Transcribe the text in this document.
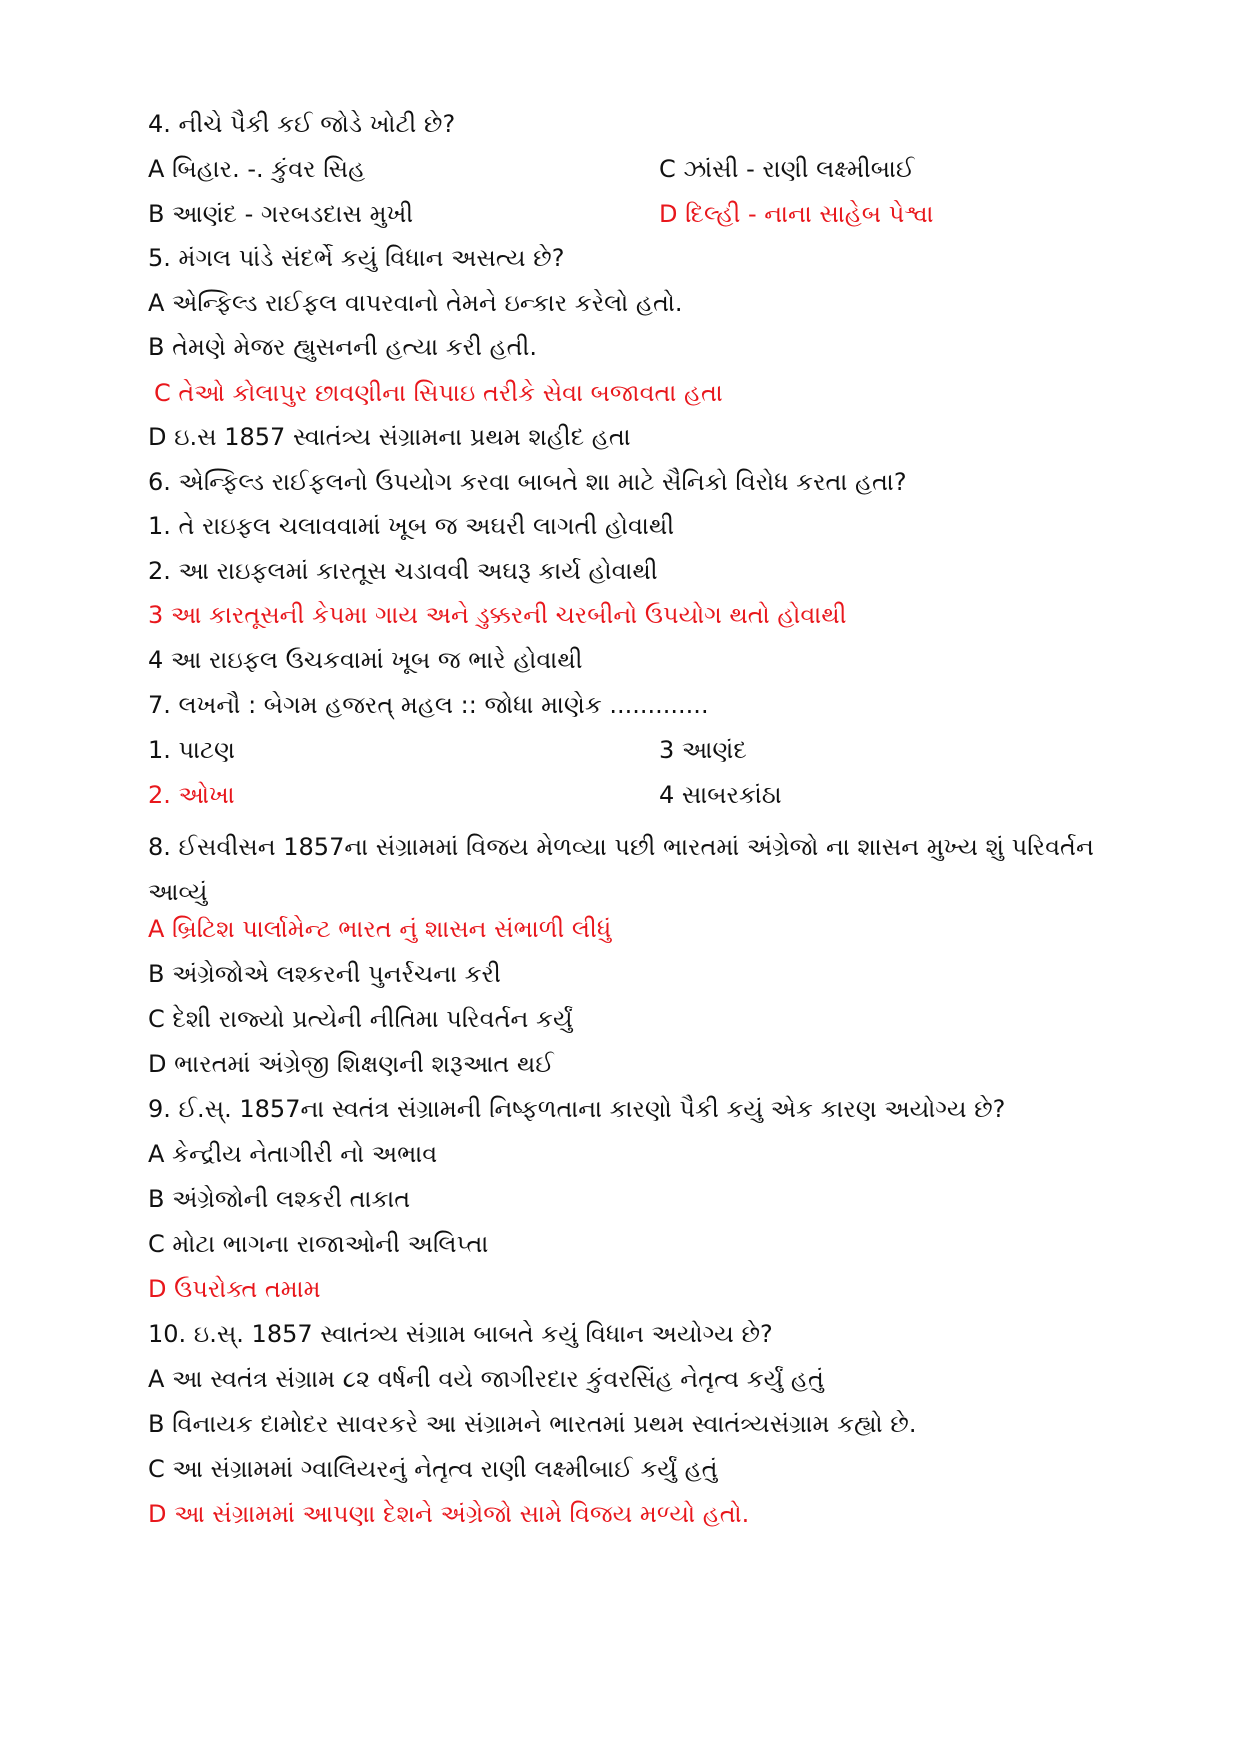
4. નીચે પૈકી કઈ જોડે ખોટી છે?
A બિહાર. -. કુંવર સિહ	C ઝાંસી - રાણી લક્ષ્મીબાઈ
B આણંદ - ગરબડદાસ મુખી	D દિલ્હી - નાના સાહેબ પેશ્વા
5. મંગલ પાંડે સંદર્ભે કયું વિધાન અસત્ય છે?
A એન્ફિલ્ડ રાઈફલ વાપરવાનો તેમને ઇન્કાર કરેલો હતો.
B તેમણે મેજર હ્યુસનની હત્યા કરી હતી.
C તેઓ કોલાપુર છાવણીના સિપાઇ તરીકે સેવા બજાવતા હતા
D ઇ.સ 1857 સ્વાતંત્ર્ય સંગ્રામના પ્રથમ શહીદ હતા
6. એન્ફિલ્ડ રાઈફલનો ઉપયોગ કરવા બાબતે શા માટે સૈનિકો વિરોધ કરતા હતા?
1. તે રાઇફલ ચલાવવામાં ખૂબ જ અઘરી લાગતી હોવાથી
2. આ રાઇફલમાં કારતૂસ ચડાવવી અઘરૂ કાર્ય હોવાથી
3 આ કારતૂસની કેપમા ગાય અને ડુક્કરની ચરબીનો ઉપયોગ થતો હોવાથી
4 આ રાઇફલ ઉચકવામાં ખૂબ જ ભારે હોવાથી
7. લખનૌ : બેગમ હજરત્ મહલ :: જોધા માણેક .............
1. પાટણ	3 આણંદ
2. ઓખા	4 સાબરકાંઠા
8. ઈસવીસન 1857ના સંગ્રામમાં વિજય મેળવ્યા પછી ભારતમાં અંગ્રેજો ના શાસન મુખ્ય શું પરિવર્તન આવ્યું
A બ્રિટિશ પાર્લામેન્ટ ભારત નું શાસન સંભાળી લીધું
B અંગ્રેજોએ લશ્કરની પુનર્રચના કરી
C દેશી રાજ્યો પ્રત્યેની નીતિમા પરિવર્તન કર્યું
D ભારતમાં અંગ્રેજી શિક્ષણની શરૂઆત થઈ
9. ઈ.સ્. 1857ના સ્વતંત્ર સંગ્રામની નિષ્ફળતાના કારણો પૈકી કયું એક કારણ અયોગ્ય છે?
A કેન્દ્રીય નેતાગીરી નો અભાવ
B અંગ્રેજોની લશ્કરી તાકાત
C મોટા ભાગના રાજાઓની અલિપ્તા
D ઉપરોક્ત તમામ
10. ઇ.સ્. 1857 સ્વાતંત્ર્ય સંગ્રામ બાબતે કયું વિધાન અયોગ્ય છે?
A આ સ્વતંત્ર સંગ્રામ ૮૨ વર્ષની વયે જાગીરદાર કુંવરસિંહ નેતૃત્વ કર્યું હતું
B વિનાયક દામોદર સાવરકરે આ સંગ્રામને ભારતમાં પ્રથમ સ્વાતંત્ર્યસંગ્રામ કહ્યો છે.
C આ સંગ્રામમાં ગ્વાલિયરનું નેતૃત્વ રાણી લક્ષ્મીબાઈ કર્યું હતું
D આ સંગ્રામમાં આપણા દેશને અંગ્રેજો સામે વિજય મળ્યો હતો.
